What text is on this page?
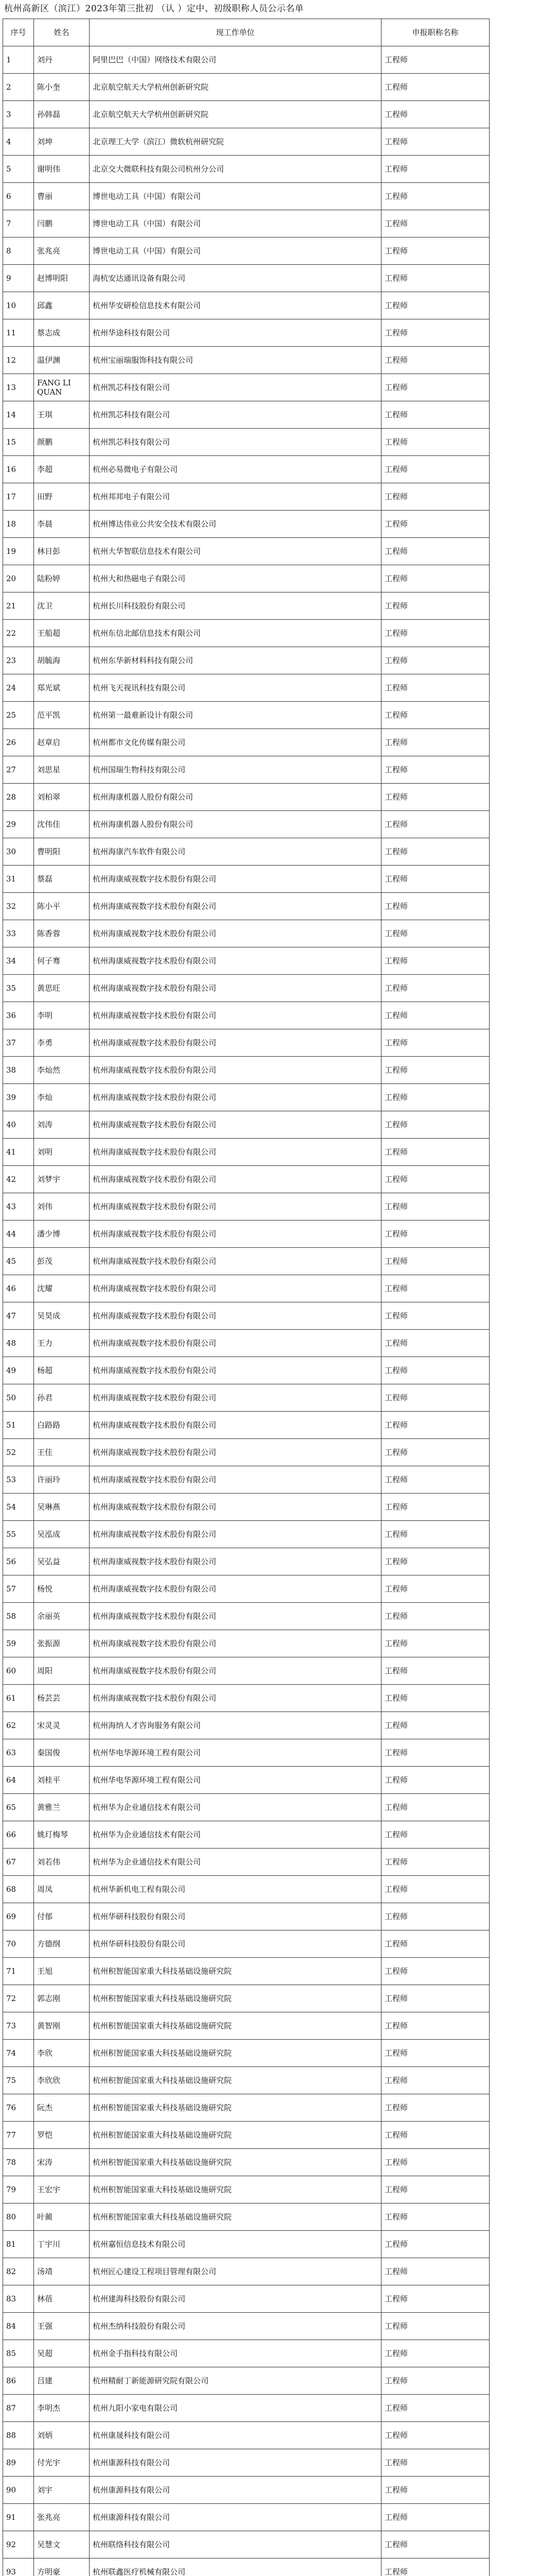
杭州高新区（滨江）2023年第三批初 （认 ）定中、初级职称人员公示名单
序号	姓名	现工作单位	申报职称名称
1	刘丹	阿里巴巴（中国）网络技术有限公司	工程师
2	陈小奎	北京航空航天大学杭州创新研究院	工程师
3	孙韩磊	北京航空航天大学杭州创新研究院	工程师
4	刘坤	北京理工大学（滨江）微软杭州研究院	工程师
5	谢明伟	北京交大微联科技有限公司杭州分公司	工程师
6	曹丽	博世电动工具（中国）有限公司	工程师
7	闫鹏	博世电动工具（中国）有限公司	工程师
8	张兆亮	博世电动工具（中国）有限公司	工程师
9	赵博明阳	海杭安达通讯设备有限公司	工程师
10	邱鑫	杭州华安研检信息技术有限公司	工程师
11	蔡志成	杭州华途科技有限公司	工程师
12	温伊渊	杭州宝丽瑞服饰科技有限公司	工程师
13	FANG LI QUAN	杭州凯芯科技有限公司	工程师
14	王琪	杭州凯芯科技有限公司	工程师
15	颜鹏	杭州凯芯科技有限公司	工程师
16	李超	杭州必易微电子有限公司	工程师
17	田野	杭州邦邦电子有限公司	工程师
18	李晨	杭州博达伟业公共安全技术有限公司	工程师
19	林日彭	杭州大华智联信息技术有限公司	工程师
20	陆粉婷	杭州大和热磁电子有限公司	工程师
21	沈卫	杭州长川科技股份有限公司	工程师
22	王船超	杭州东信北邮信息技术有限公司	工程师
23	胡毓海	杭州东华新材料科技有限公司	工程师
24	郑光斌	杭州飞天视讯科技有限公司	工程师
25	范平凯	杭州第一最难新设计有限公司	工程师
26	赵章启	杭州都市文化传媒有限公司	工程师
27	刘思星	杭州国瑞生物科技有限公司	工程师
28	刘柏翠	杭州海康机器人股份有限公司	工程师
29	沈伟佳	杭州海康机器人股份有限公司	工程师
30	曹明阳	杭州海康汽车软件有限公司	工程师
31	蔡磊	杭州海康威视数字技术股份有限公司	工程师
32	陈小平	杭州海康威视数字技术股份有限公司	工程师
33	陈香蓉	杭州海康威视数字技术股份有限公司	工程师
34	何子骞	杭州海康威视数字技术股份有限公司	工程师
35	黄思旺	杭州海康威视数字技术股份有限公司	工程师
36	李明	杭州海康威视数字技术股份有限公司	工程师
37	李勇	杭州海康威视数字技术股份有限公司	工程师
38	李灿然	杭州海康威视数字技术股份有限公司	工程师
39	李灿	杭州海康威视数字技术股份有限公司	工程师
40	刘涛	杭州海康威视数字技术股份有限公司	工程师
41	刘明	杭州海康威视数字技术股份有限公司	工程师
42	刘梦宇	杭州海康威视数字技术股份有限公司	工程师
43	刘伟	杭州海康威视数字技术股份有限公司	工程师
44	潘少博	杭州海康威视数字技术股份有限公司	工程师
45	彭茂	杭州海康威视数字技术股份有限公司	工程师
46	沈耀	杭州海康威视数字技术股份有限公司	工程师
47	吴昊成	杭州海康威视数字技术股份有限公司	工程师
48	王力	杭州海康威视数字技术股份有限公司	工程师
49	杨超	杭州海康威视数字技术股份有限公司	工程师
50	孙君	杭州海康威视数字技术股份有限公司	工程师
51	白路路	杭州海康威视数字技术股份有限公司	工程师
52	王佳	杭州海康威视数字技术股份有限公司	工程师
53	许丽玲	杭州海康威视数字技术股份有限公司	工程师
54	吴琳燕	杭州海康威视数字技术股份有限公司	工程师
55	吴泓成	杭州海康威视数字技术股份有限公司	工程师
56	吴弘益	杭州海康威视数字技术股份有限公司	工程师
57	杨悦	杭州海康威视数字技术股份有限公司	工程师
58	余丽英	杭州海康威视数字技术股份有限公司	工程师
59	张振源	杭州海康威视数字技术股份有限公司	工程师
60	周阳	杭州海康威视数字技术股份有限公司	工程师
61	杨芸芸	杭州海康威视数字技术股份有限公司	工程师
62	宋灵灵	杭州海纳人才咨询服务有限公司	工程师
63	秦国俊	杭州华电华源环境工程有限公司	工程师
64	刘桂平	杭州华电华源环境工程有限公司	工程师
65	黄雅兰	杭州华为企业通信技术有限公司	工程师
66	姚玎梅琴	杭州华为企业通信技术有限公司	工程师
67	刘若伟	杭州华为企业通信技术有限公司	工程师
68	周凤	杭州华新机电工程有限公司	工程师
69	付郁	杭州华研科技股份有限公司	工程师
70	方德纲	杭州华研科技股份有限公司	工程师
71	王旭	杭州积智能国家重大科技基础设施研究院	工程师
72	郭志刚	杭州积智能国家重大科技基础设施研究院	工程师
73	黄智刚	杭州积智能国家重大科技基础设施研究院	工程师
74	李欣	杭州积智能国家重大科技基础设施研究院	工程师
75	李欣欣	杭州积智能国家重大科技基础设施研究院	工程师
76	阮杰	杭州积智能国家重大科技基础设施研究院	工程师
77	罗恺	杭州积智能国家重大科技基础设施研究院	工程师
78	宋涛	杭州积智能国家重大科技基础设施研究院	工程师
79	王宏宇	杭州积智能国家重大科技基础设施研究院	工程师
80	叶蔺	杭州积智能国家重大科技基础设施研究院	工程师
81	丁宇川	杭州嘉恒信息技术有限公司	工程师
82	汤靖	杭州匠心建设工程项目管理有限公司	工程师
83	林蓓	杭州建海科技股份有限公司	工程师
84	王强	杭州杰纳科技股份有限公司	工程师
85	吴超	杭州金手指科技有限公司	工程师
86	吕建	杭州精耐丁新能源研究院有限公司	工程师
87	李明杰	杭州九阳小家电有限公司	工程师
88	刘炳	杭州康晟科技有限公司	工程师
89	付光宇	杭州康源科技有限公司	工程师
90	刘宇	杭州康源科技有限公司	工程师
91	张兆亮	杭州康源科技有限公司	工程师
92	吴慧文	杭州联络科技有限公司	工程师
93	方明豪	杭州联鑫医疗机械有限公司	工程师
